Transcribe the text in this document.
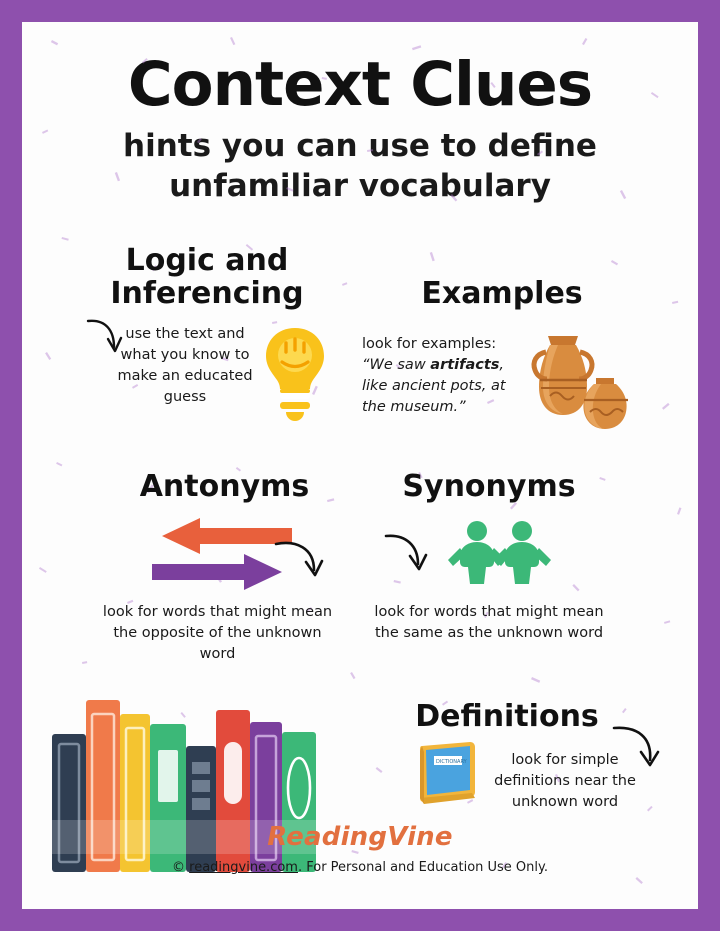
Context Clues
hints you can use to define unfamiliar vocabulary
Logic and Inferencing
use the text and what you know to make an educated guess
Examples
look for examples:
“We saw artifacts, like ancient pots, at the museum.”
Antonyms
look for words that might mean the opposite of the unknown word
Synonyms
look for words that might mean the same as the unknown word
Definitions
DICTIONARY	look for simple definitions near the unknown word
ReadingVine
© readingvine.com. For Personal and Education Use Only.
